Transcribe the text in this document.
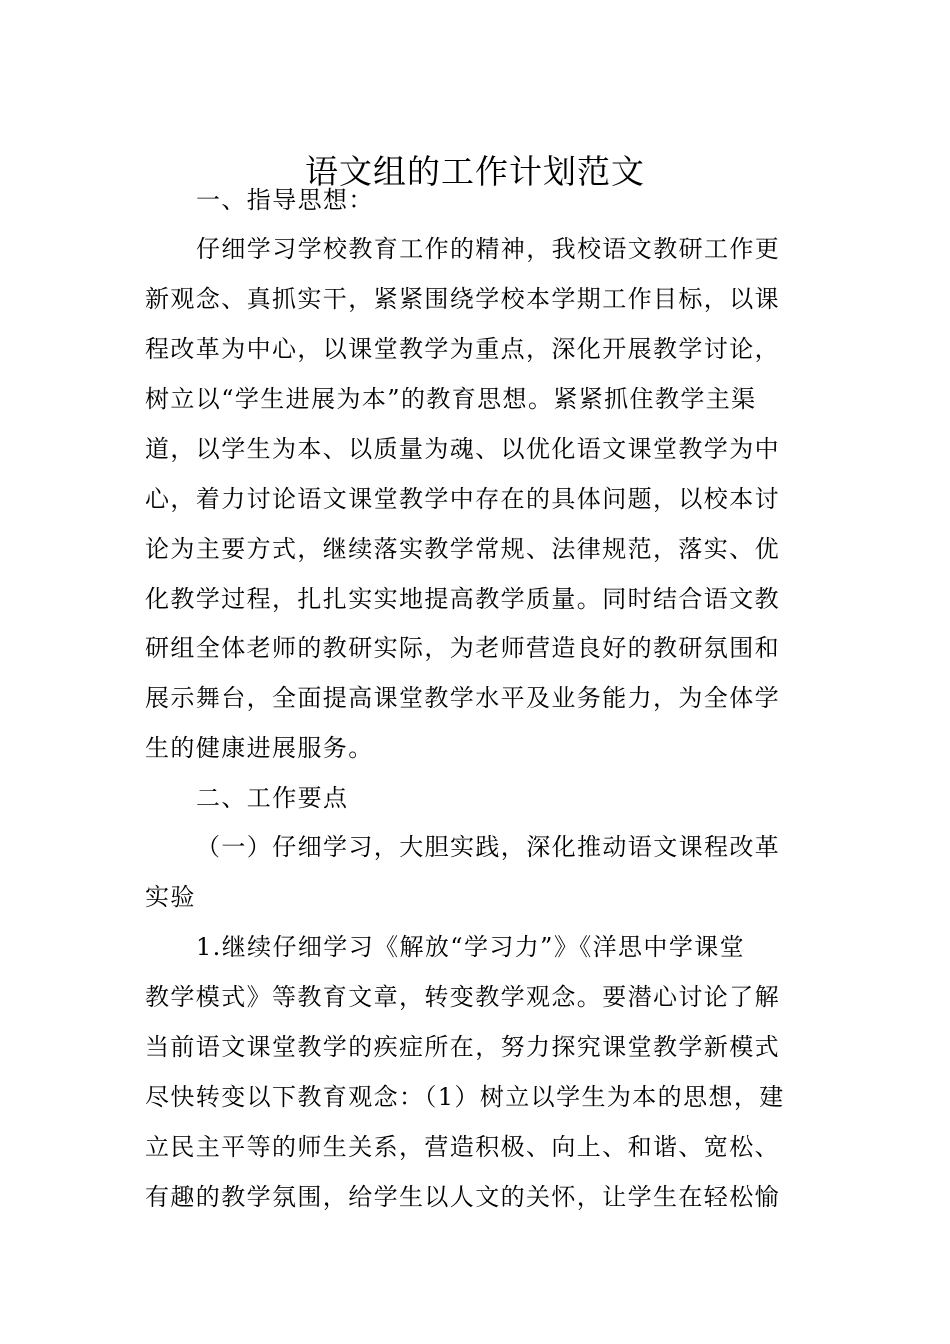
语文组的工作计划范文
一、指导思想：
仔细学习学校教育工作的精神，我校语文教研工作更
新观念、真抓实干，紧紧围绕学校本学期工作目标，以课
程改革为中心，以课堂教学为重点，深化开展教学讨论，
树立以“学生进展为本”的教育思想。紧紧抓住教学主渠
道，以学生为本、以质量为魂、以优化语文课堂教学为中
心，着力讨论语文课堂教学中存在的具体问题，以校本讨
论为主要方式，继续落实教学常规、法律规范，落实、优
化教学过程，扎扎实实地提高教学质量。同时结合语文教
研组全体老师的教研实际，为老师营造良好的教研氛围和
展示舞台，全面提高课堂教学水平及业务能力，为全体学
生的健康进展服务。
二、工作要点
（一）仔细学习，大胆实践，深化推动语文课程改革
实验
1.继续仔细学习《解放“学习力”》《洋思中学课堂
教学模式》等教育文章，转变教学观念。要潜心讨论了解
当前语文课堂教学的疾症所在，努力探究课堂教学新模式
尽快转变以下教育观念：（1）树立以学生为本的思想，建
立民主平等的师生关系，营造积极、向上、和谐、宽松、
有趣的教学氛围，给学生以人文的关怀，让学生在轻松愉
